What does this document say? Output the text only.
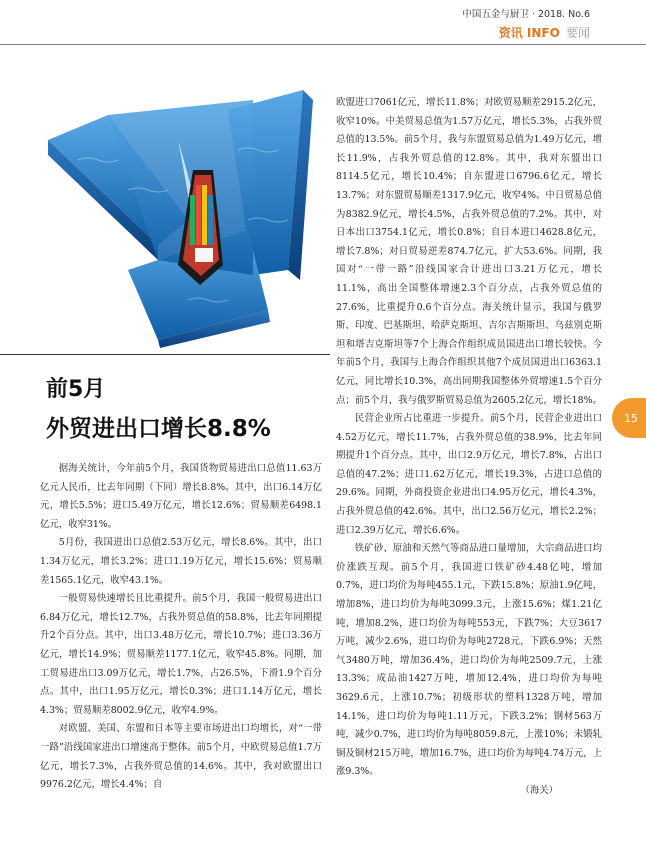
中国五金与厨卫 · 2018. No.6
资讯 INFO 要闻
前5月
外贸进出口增长8.8%

据海关统计，今年前5个月，我国货物贸易进出口总值11.63万亿元人民币，比去年同期（下同）增长8.8%。其中，出口6.14万亿元，增长5.5%；进口5.49万亿元，增长12.6%；贸易顺差6498.1亿元，收窄31%。

5月份，我国进出口总值2.53万亿元，增长8.6%。其中，出口1.34万亿元，增长3.2%；进口1.19万亿元，增长15.6%；贸易顺差1565.1亿元，收窄43.1%。

一般贸易快速增长且比重提升。前5个月，我国一般贸易进出口6.84万亿元，增长12.7%，占我外贸总值的58.8%，比去年同期提升2个百分点。其中，出口3.48万亿元，增长10.7%；进口3.36万亿元，增长14.9%；贸易顺差1177.1亿元，收窄45.8%。同期，加工贸易进出口3.09万亿元，增长1.7%，占26.5%，下滑1.9个百分点。其中，出口1.95万亿元，增长0.3%；进口1.14万亿元，增长4.3%；贸易顺差8002.9亿元，收窄4.9%。

对欧盟、美国、东盟和日本等主要市场进出口均增长，对“一带一路”沿线国家进出口增速高于整体。前5个月，中欧贸易总值1.7万亿元，增长7.3%，占我外贸总值的14.6%。其中，我对欧盟出口9976.2亿元，增长4.4%；自

欧盟进口7061亿元，增长11.8%；对欧贸易顺差2915.2亿元，收窄10%。中美贸易总值为1.57万亿元，增长5.3%，占我外贸总值的13.5%。前5个月，我与东盟贸易总值为1.49万亿元，增长11.9%，占我外贸总值的12.8%。其中，我对东盟出口8114.5亿元，增长10.4%；自东盟进口6796.6亿元，增长13.7%；对东盟贸易顺差1317.9亿元，收窄4%。中日贸易总值为8382.9亿元，增长4.5%，占我外贸总值的7.2%。其中，对日本出口3754.1亿元，增长0.8%；自日本进口4628.8亿元，增长7.8%；对日贸易逆差874.7亿元，扩大53.6%。同期，我国对“一带一路”沿线国家合计进出口3.21万亿元，增长11.1%，高出全国整体增速2.3个百分点，占我外贸总值的27.6%，比重提升0.6个百分点。海关统计显示，我国与俄罗斯、印度、巴基斯坦、哈萨克斯坦、吉尔吉斯斯坦、乌兹别克斯坦和塔吉克斯坦等7个上海合作组织成员国进出口增长较快。今年前5个月，我国与上海合作组织其他7个成员国进出口6363.1亿元，同比增长10.3%，高出同期我国整体外贸增速1.5个百分点；前5个月，我与俄罗斯贸易总值为2605.2亿元，增长18%。

民营企业所占比重进一步提升。前5个月，民营企业进出口4.52万亿元，增长11.7%，占我外贸总值的38.9%，比去年同期提升1个百分点。其中，出口2.9万亿元，增长7.8%，占出口总值的47.2%；进口1.62万亿元，增长19.3%，占进口总值的29.6%。同期，外商投资企业进出口4.95万亿元，增长4.3%，占我外贸总值的42.6%。其中，出口2.56万亿元，增长2.2%；进口2.39万亿元，增长6.6%。

铁矿砂、原油和天然气等商品进口量增加，大宗商品进口均价涨跌互现。前5个月，我国进口铁矿砂4.48亿吨，增加0.7%，进口均价为每吨455.1元，下跌15.8%；原油1.9亿吨，增加8%，进口均价为每吨3099.3元，上涨15.6%；煤1.21亿吨，增加8.2%，进口均价为每吨553元，下跌7%；大豆3617万吨，减少2.6%，进口均价为每吨2728元，下跌6.9%；天然气3480万吨，增加36.4%，进口均价为每吨2509.7元，上涨13.3%；成品油1427万吨，增加12.4%，进口均价为每吨3629.6元，上涨10.7%；初级形状的塑料1328万吨，增加14.1%，进口均价为每吨1.11万元，下跌3.2%；钢材563万吨，减少0.7%，进口均价为每吨8059.8元，上涨10%；未锻轧铜及铜材215万吨，增加16.7%，进口均价为每吨4.74万元，上涨9.3%。

（海关）

15
